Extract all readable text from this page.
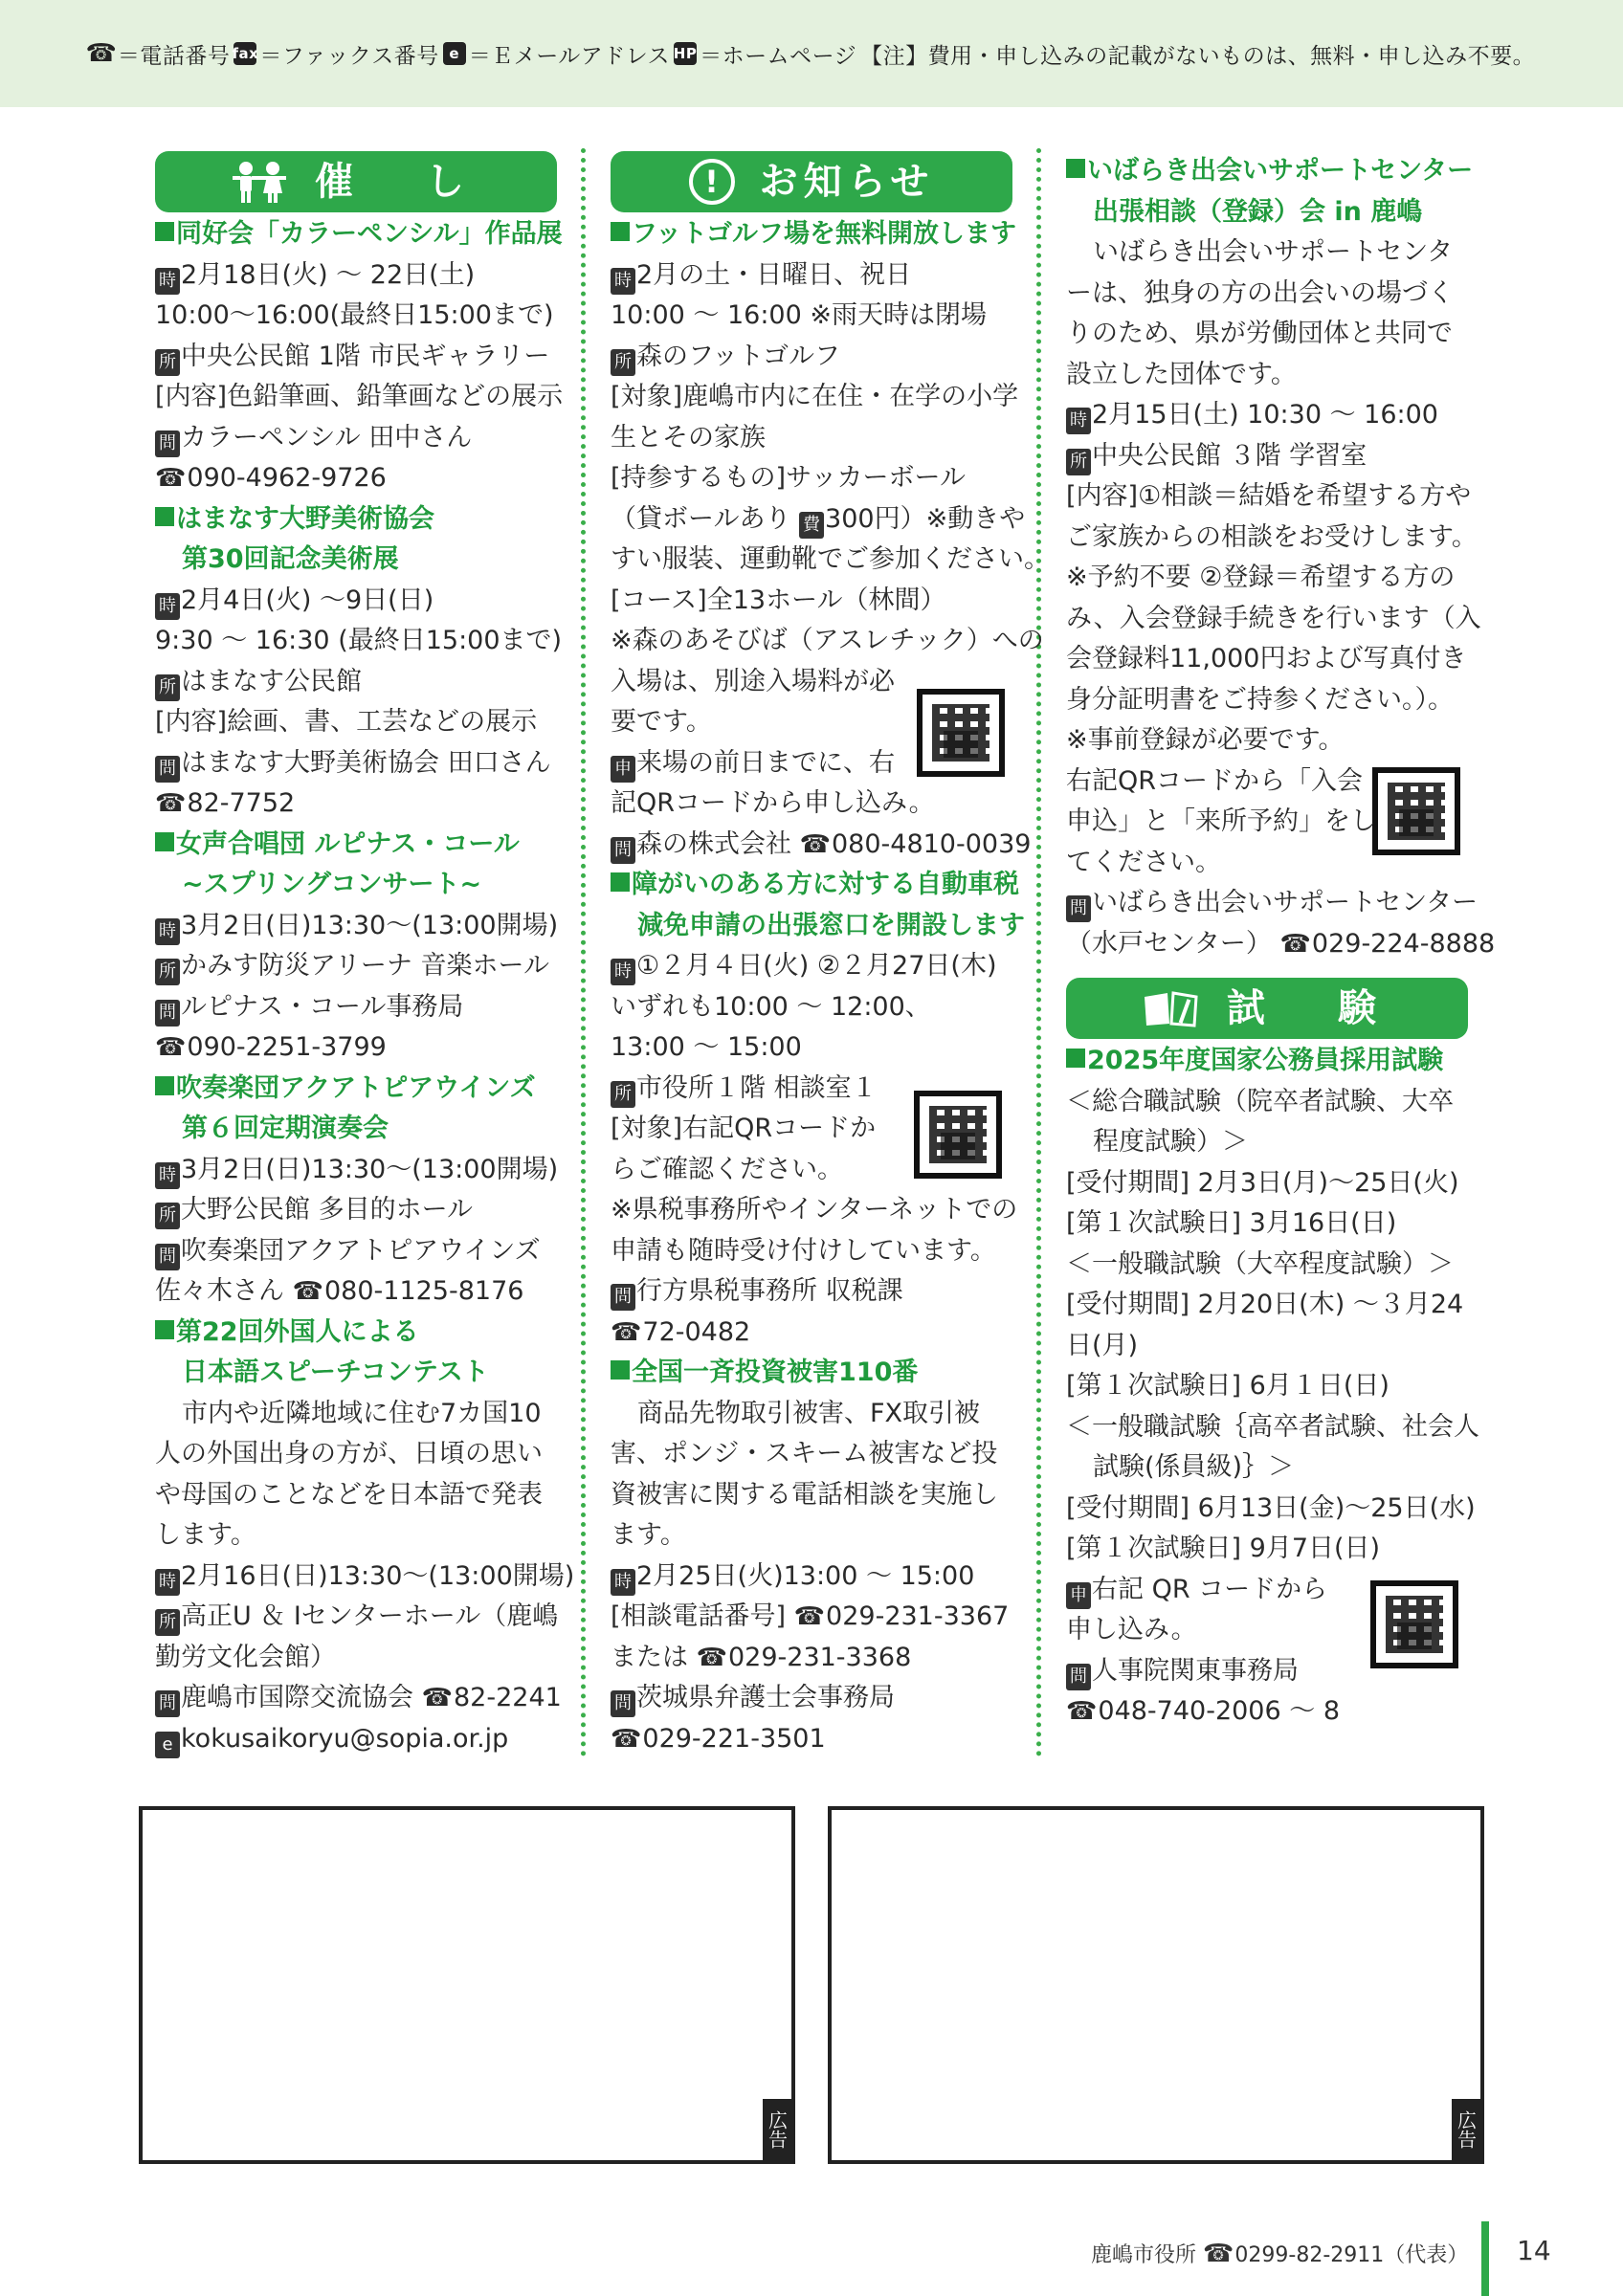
☎ ＝電話番号 fax ＝ファックス番号 e ＝Ｅメールアドレス HP ＝ホームページ 【注】費用・申し込みの記載がないものは、無料・申し込み不要。
催　し
同好会「カラーペンシル」作品展
時 2月18日(火) ～ 22日(土)
10:00～16:00(最終日15:00まで)
所 中央公民館 1階 市民ギャラリー
[内容]色鉛筆画、鉛筆画などの展示
問 カラーペンシル 田中さん
☎090-4962-9726
はまなす大野美術協会
第30回記念美術展
時 2月4日(火) ～9日(日)
9:30 ～ 16:30 (最終日15:00まで)
所 はまなす公民館
[内容]絵画、書、工芸などの展示
問 はまなす大野美術協会 田口さん
☎82-7752
女声合唱団 ルピナス・コール
~スプリングコンサート~
時 3月2日(日)13:30～(13:00開場)
所 かみす防災アリーナ 音楽ホール
問 ルピナス・コール事務局
☎090-2251-3799
吹奏楽団アクアトピアウインズ
第６回定期演奏会
時 3月2日(日)13:30～(13:00開場)
所 大野公民館 多目的ホール
問 吹奏楽団アクアトピアウインズ
佐々木さん ☎080-1125-8176
第22回外国人による
日本語スピーチコンテスト
市内や近隣地域に住む7カ国10人の外国出身の方が、日頃の思いや母国のことなどを日本語で発表します。
時 2月16日(日)13:30～(13:00開場)
所 高正U ＆ Iセンターホール（鹿嶋
勤労文化会館）
問 鹿嶋市国際交流協会 ☎82-2241
e kokusaikoryu@sopia.or.jp
!	お知らせ
フットゴルフ場を無料開放します
時 2月の土・日曜日、祝日
10:00 ～ 16:00 ※雨天時は閉場
所 森のフットゴルフ
[対象]鹿嶋市内に在住・在学の小学
生とその家族
[持参するもの]サッカーボール
（貸ボールあり 費 300円）※動きや
すい服装、運動靴でご参加ください。
[コース]全13ホール（林間）
※森のあそびば（アスレチック）への
入場は、別途入場料が必
要です。
申 来場の前日までに、右
記QRコードから申し込み。
問 森の株式会社 ☎080-4810-0039
障がいのある方に対する自動車税
減免申請の出張窓口を開設します
時 ①２月４日(火) ②２月27日(木)
いずれも10:00 ～ 12:00、
13:00 ～ 15:00
所 市役所１階 相談室１
[対象]右記QRコードか
らご確認ください。
※県税事務所やインターネットでの
申請も随時受け付けしています。
問 行方県税事務所 収税課
☎72-0482
全国一斉投資被害110番
商品先物取引被害、FX取引被害、ポンジ・スキーム被害など投資被害に関する電話相談を実施します。
時 2月25日(火)13:00 ～ 15:00
[相談電話番号] ☎029-231-3367
または ☎029-231-3368
問 茨城県弁護士会事務局
☎029-221-3501
いばらき出会いサポートセンター
出張相談（登録）会 in 鹿嶋
いばらき出会いサポートセンターは、独身の方の出会いの場づくりのため、県が労働団体と共同で設立した団体です。
時 2月15日(土) 10:30 ～ 16:00
所 中央公民館 ３階 学習室
[内容]①相談＝結婚を希望する方や
ご家族からの相談をお受けします。
※予約不要 ②登録＝希望する方の
み、入会登録手続きを行います（入
会登録料11,000円および写真付き
身分証明書をご持参ください。）。
※事前登録が必要です。
右記QRコードから「入会
申込」と「来所予約」をし
てください。
問 いばらき出会いサポートセンター
（水戸センター） ☎029-224-8888
試　験
2025年度国家公務員採用試験
＜総合職試験（院卒者試験、大卒
程度試験）＞
[受付期間] 2月3日(月)～25日(火)
[第１次試験日] 3月16日(日)
＜一般職試験（大卒程度試験）＞
[受付期間] 2月20日(木) ～３月24
日(月)
[第１次試験日] 6月１日(日)
＜一般職試験｛高卒者試験、社会人
試験(係員級)｝＞
[受付期間] 6月13日(金)～25日(水)
[第１次試験日] 9月7日(日)
申 右記 QR コードから
申し込み。
問 人事院関東事務局
☎048-740-2006 ～ 8
広告	広告
鹿嶋市役所 ☎0299-82-2911（代表） 14
